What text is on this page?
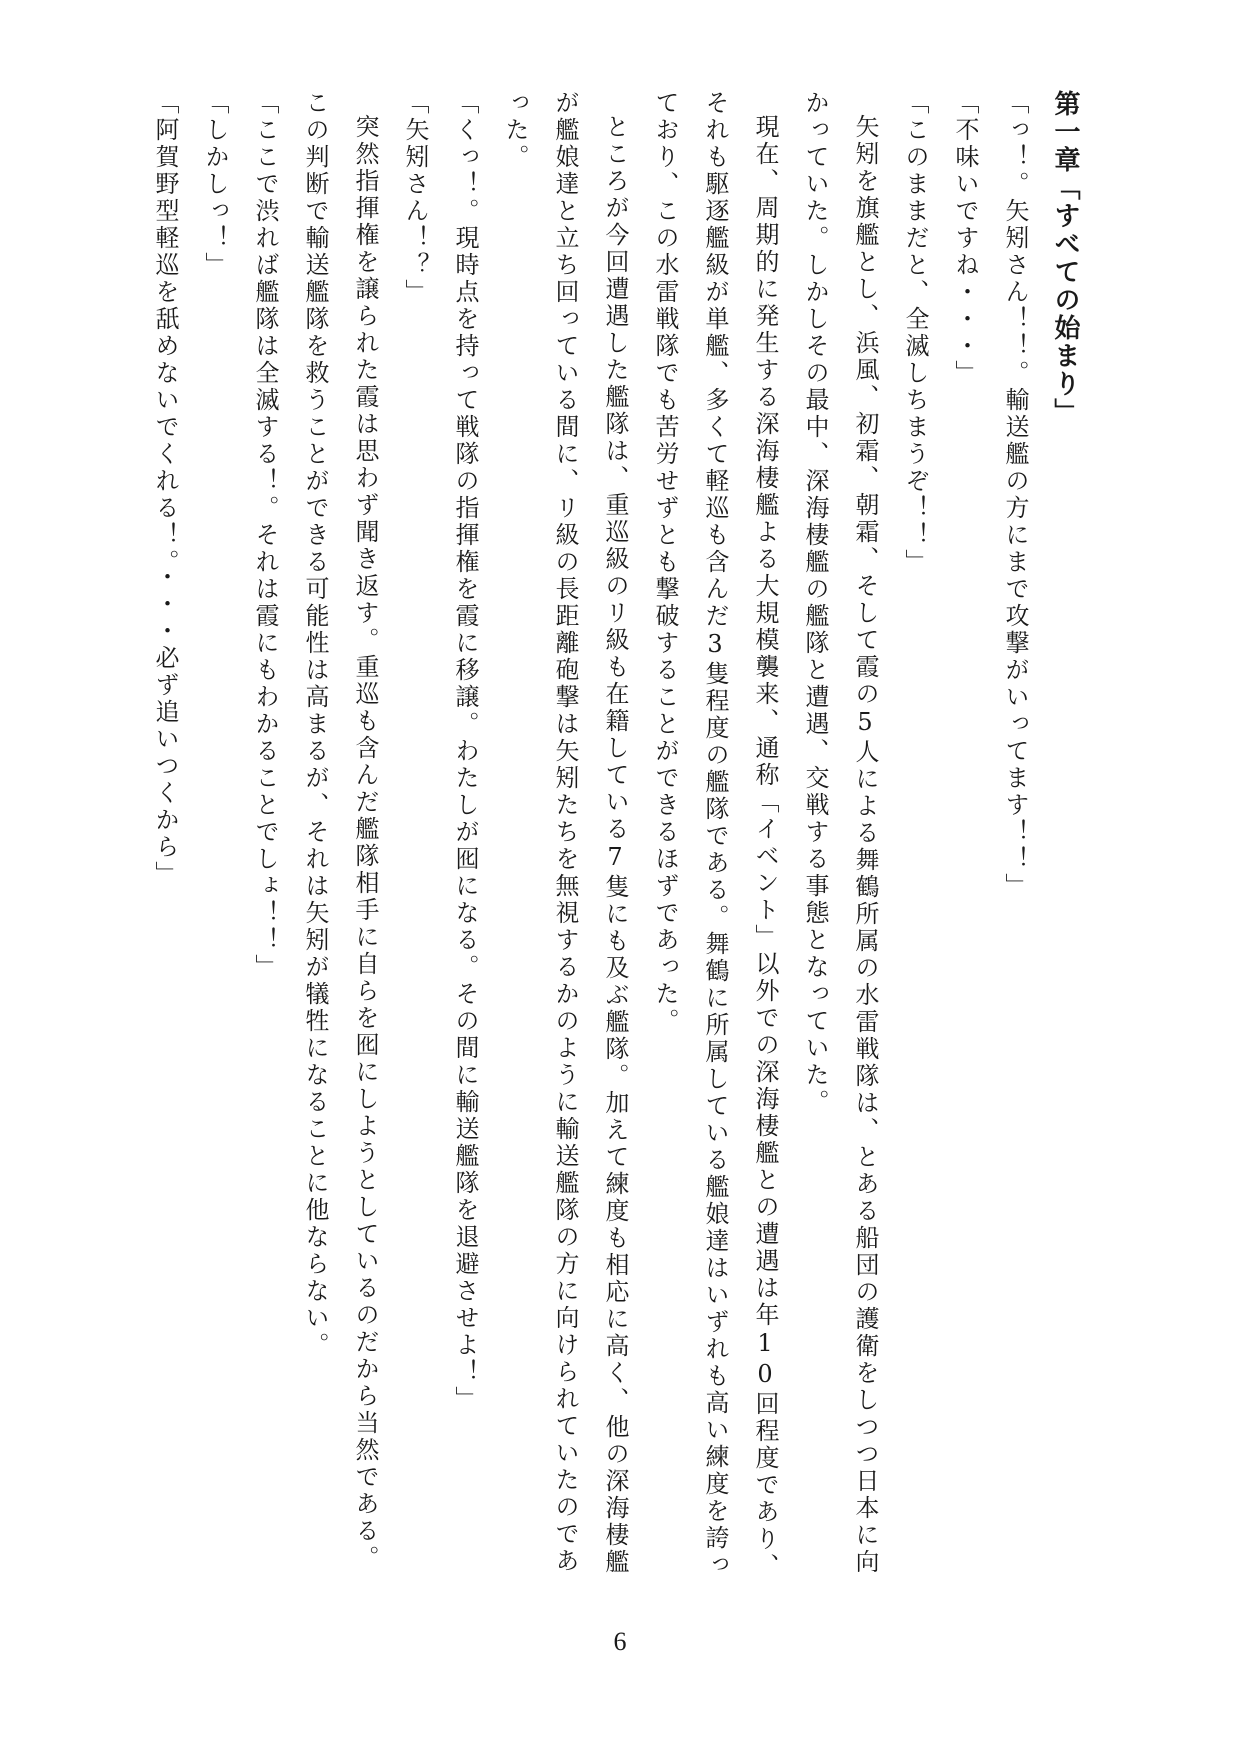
第一章「すべての始まり」

「っ！。矢矧さん！！。輸送艦の方にまで攻撃がいってます！！」

「不味いですね・・・」

「このままだと、全滅しちまうぞ！！」

矢矧を旗艦とし、浜風、初霜、朝霜、そして霞の5人による舞鶴所属の水雷戦隊は、とある船団の護衛をしつつ日本に向かっていた。しかしその最中、深海棲艦の艦隊と遭遇、交戦する事態となっていた。

現在、周期的に発生する深海棲艦よる大規模襲来、通称「イベント」以外での深海棲艦との遭遇は年10回程度であり、それも駆逐艦級が単艦、多くて軽巡も含んだ3隻程度の艦隊である。舞鶴に所属している艦娘達はいずれも高い練度を誇っており、この水雷戦隊でも苦労せずとも撃破することができるほずであった。

ところが今回遭遇した艦隊は、重巡級のリ級も在籍している7隻にも及ぶ艦隊。加えて練度も相応に高く、他の深海棲艦が艦娘達と立ち回っている間に、リ級の長距離砲撃は矢矧たちを無視するかのように輸送艦隊の方に向けられていたのであった。

「くっ！。現時点を持って戦隊の指揮権を霞に移譲。わたしが囮になる。その間に輸送艦隊を退避させよ！」

「矢矧さん！？」

突然指揮権を譲られた霞は思わず聞き返す。重巡も含んだ艦隊相手に自らを囮にしようとしているのだから当然である。この判断で輸送艦隊を救うことができる可能性は高まるが、それは矢矧が犠牲になることに他ならない。

「ここで渋れば艦隊は全滅する！。それは霞にもわかることでしょ！！」

「しかしっ！」

「阿賀野型軽巡を舐めないでくれる！。・・・必ず追いつくから」

6
